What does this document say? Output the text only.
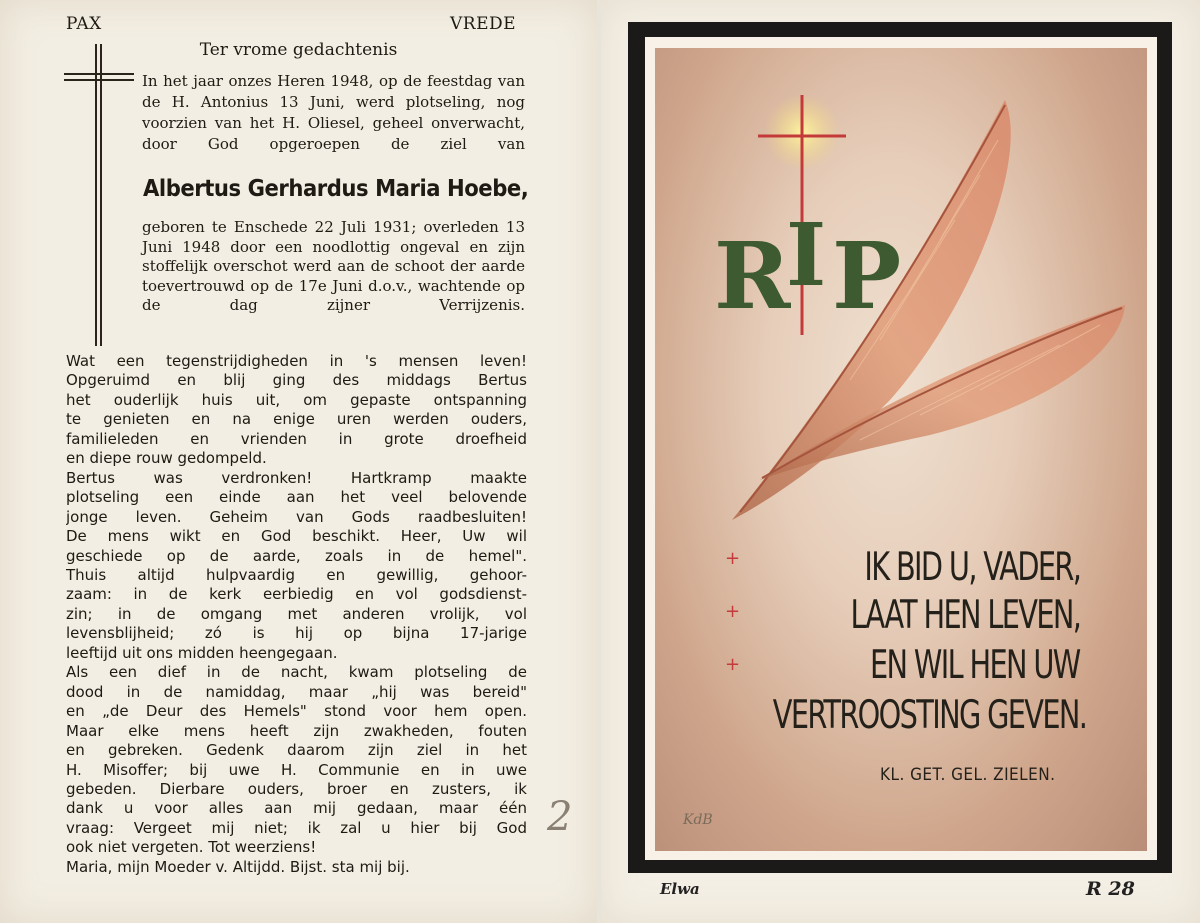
PAX	VREDE
Ter vrome gedachtenis

In het jaar onzes Heren 1948, op de feestdag van de H. Antonius 13 Juni, werd plotseling, nog voorzien van het H. Oliesel, geheel onverwacht, door God opgeroepen de ziel van

Albertus Gerhardus Maria Hoebe,

geboren te Enschede 22 Juli 1931; overleden 13 Juni 1948 door een noodlottig ongeval en zijn stoffelijk overschot werd aan de schoot der aarde toevertrouwd op de 17e Juni d.o.v., wachtende op de dag zijner Verrijzenis.

Wat een tegenstrijdigheden in 's mensen leven!
Opgeruimd en blij ging des middags Bertus
het ouderlijk huis uit, om gepaste ontspanning
te genieten en na enige uren werden ouders,
familieleden en vrienden in grote droefheid
en diepe rouw gedompeld.
Bertus was verdronken! Hartkramp maakte
plotseling een einde aan het veel belovende
jonge leven. Geheim van Gods raadbesluiten!
De mens wikt en God beschikt. Heer, Uw wil
geschiede op de aarde, zoals in de hemel".
Thuis altijd hulpvaardig en gewillig, gehoor-
zaam: in de kerk eerbiedig en vol godsdienst-
zin; in de omgang met anderen vrolijk, vol
levensblijheid; zó is hij op bijna 17-jarige
leeftijd uit ons midden heengegaan.
Als een dief in de nacht, kwam plotseling de
dood in de namiddag, maar „hij was bereid"
en „de Deur des Hemels" stond voor hem open.
Maar elke mens heeft zijn zwakheden, fouten
en gebreken. Gedenk daarom zijn ziel in het
H. Misoffer; bij uwe H. Communie en in uwe
gebeden. Dierbare ouders, broer en zusters, ik
dank u voor alles aan mij gedaan, maar één
vraag: Vergeet mij niet; ik zal u hier bij God
ook niet vergeten. Tot weerziens!
Maria, mijn Moeder v. Altijdd. Bijst. sta mij bij.
2
R
I P
+
+
+
IK BID U, VADER,
LAAT HEN LEVEN,
EN WIL HEN UW
VERTROOSTING GEVEN.
KL. GET. GEL. ZIELEN.
KdB
Elwa	R 28
